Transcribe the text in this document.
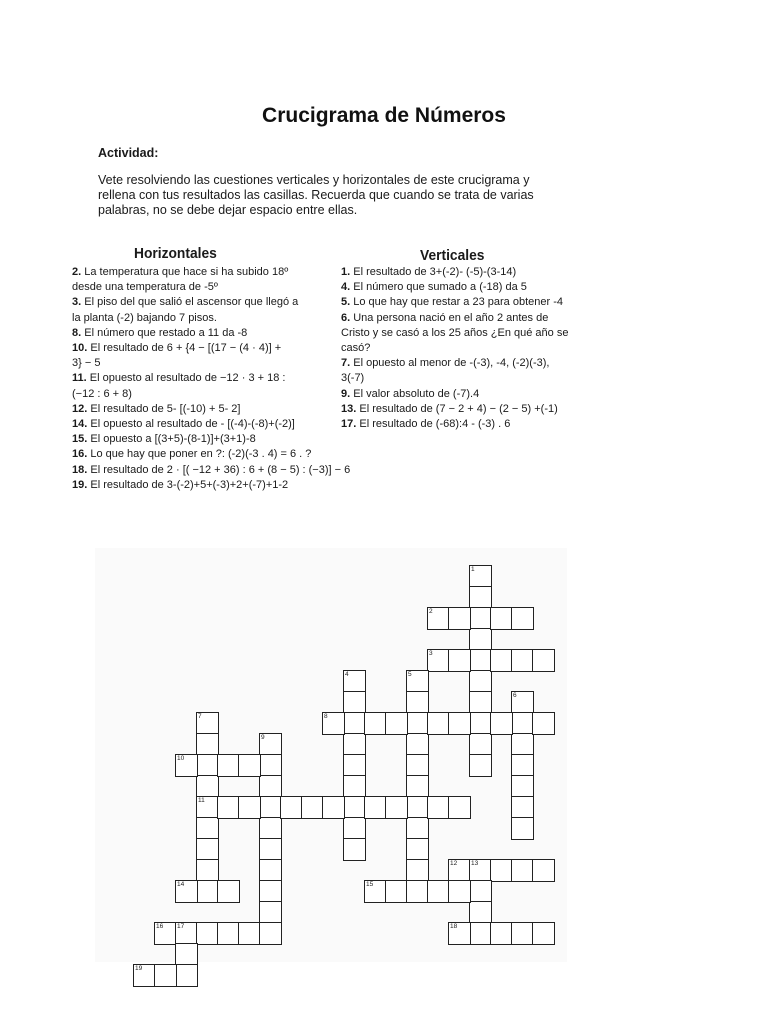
Crucigrama de Números
Actividad:
Vete resolviendo las cuestiones verticales y horizontales de este crucigrama y rellena con tus resultados las casillas. Recuerda que cuando se trata de varias palabras, no se debe dejar espacio entre ellas.
Horizontales	Verticales
2. La temperatura que hace si ha subido 18º
desde una temperatura de -5º
3. El piso del que salió el ascensor que llegó a
la planta (-2) bajando 7 pisos.
8. El número que restado a 11 da -8
10. El resultado de 6 + {4 − [(17 − (4 · 4)] +
3} − 5
11. El opuesto al resultado de −12 · 3 + 18 :
(−12 : 6 + 8)
12. El resultado de 5- [(-10) + 5- 2]
14. El opuesto al resultado de - [(-4)-(-8)+(-2)]
15. El opuesto a [(3+5)-(8-1)]+(3+1)-8
16. Lo que hay que poner en ?: (-2)(-3 . 4) = 6 . ?
18. El resultado de 2 · [( −12 + 36) : 6 + (8 − 5) : (−3)] − 6
19. El resultado de 3-(-2)+5+(-3)+2+(-7)+1-2
1. El resultado de 3+(-2)- (-5)-(3-14)
4. El número que sumado a (-18) da 5
5. Lo que hay que restar a 23 para obtener -4
6. Una persona nació en el año 2 antes de
Cristo y se casó a los 25 años ¿En qué año se
casó?
7. El opuesto al menor de -(-3), -4, (-2)(-3),
3(-7)
9. El valor absoluto de (-7).4
13. El resultado de (7 − 2 + 4) − (2 − 5) +(-1)
17. El resultado de (-68):4 - (-3) . 6
1
2
3
4	5
6
7
11
8
9
10
12 13
14	15
16 17	18
19
